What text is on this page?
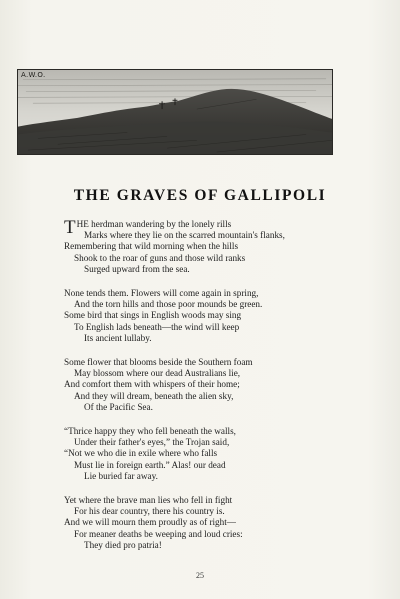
A.W.O.
THE GRAVES OF GALLIPOLI
THE herdman wandering by the lonely rills
Marks where they lie on the scarred mountain's flanks,
Remembering that wild morning when the hills
Shook to the roar of guns and those wild ranks
Surged upward from the sea.
None tends them. Flowers will come again in spring,
And the torn hills and those poor mounds be green.
Some bird that sings in English woods may sing
To English lads beneath—the wind will keep
Its ancient lullaby.
Some flower that blooms beside the Southern foam
May blossom where our dead Australians lie,
And comfort them with whispers of their home;
And they will dream, beneath the alien sky,
Of the Pacific Sea.
“Thrice happy they who fell beneath the walls,
Under their father's eyes,” the Trojan said,
“Not we who die in exile where who falls
Must lie in foreign earth.” Alas! our dead
Lie buried far away.
Yet where the brave man lies who fell in fight
For his dear country, there his country is.
And we will mourn them proudly as of right—
For meaner deaths be weeping and loud cries:
They died pro patria!
25
